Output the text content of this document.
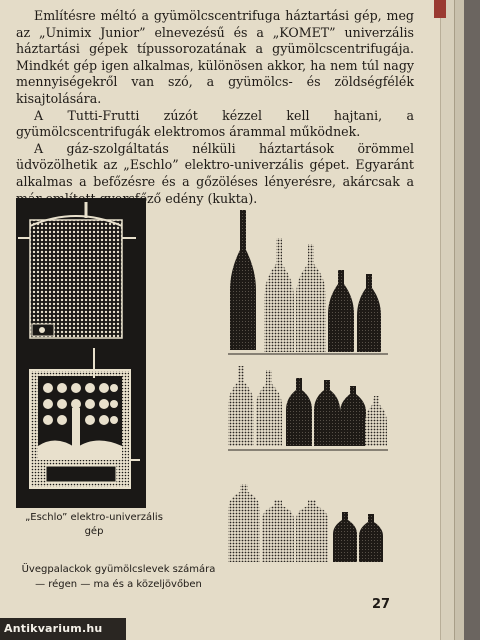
Említésre méltó a gyümölcscentrifuga háztartási gép, meg az „Unimix Junior” elnevezésű és a „KOMET” univerzális háztartási gépek típussorozatának a gyümölcscentrifugája. Mindkét gép igen alkalmas, különösen akkor, ha nem túl nagy mennyiségekről van szó, a gyümölcs- és zöldségfélék kisajtolására.

A Tutti-Frutti zúzót kézzel kell hajtani, a gyümölcscentrifugák elektromos árammal működnek.

A gáz-szolgáltatás nélküli háztartások örömmel üdvözölhetik az „Eschlo” elektro-univerzális gépet. Egyaránt alkalmas a befőzésre és a gőzöléses lényerésre, akárcsak a már említett gyorsfőző edény (kukta).

„Eschlo” elektro-univerzális gép
Üvegpalackok gyümölcslevek számára — régen — ma és a közeljövőben
27
Antikvarium.hu
